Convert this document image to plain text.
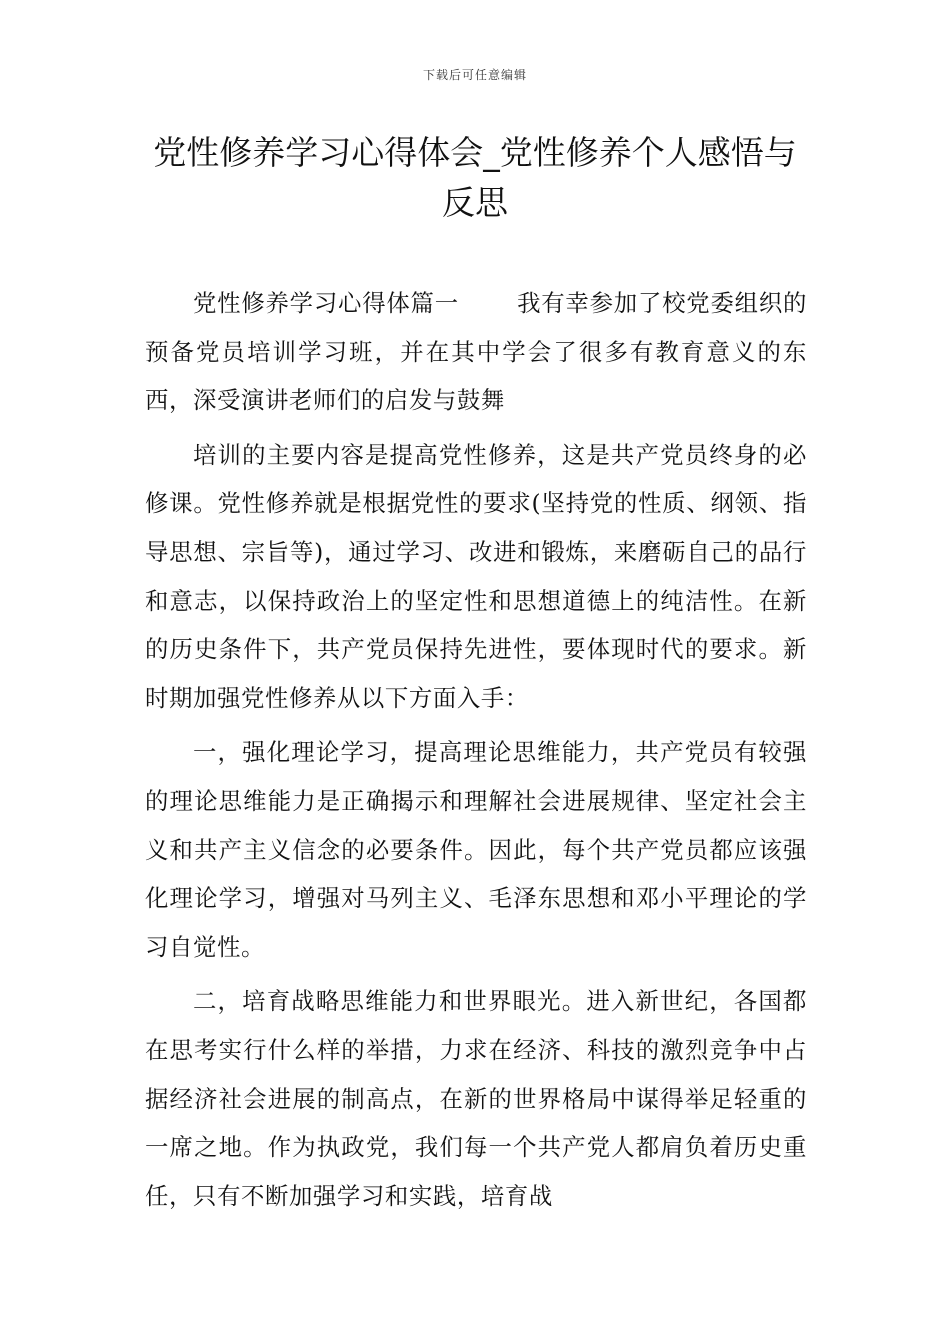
下载后可任意编辑
党性修养学习心得体会_党性修养个人感悟与反思

党性修养学习心得体篇一 我有幸参加了校党委组织的预备党员培训学习班，并在其中学会了很多有教育意义的东西，深受演讲老师们的启发与鼓舞

培训的主要内容是提高党性修养，这是共产党员终身的必修课。党性修养就是根据党性的要求(坚持党的性质、纲领、指导思想、宗旨等)，通过学习、改进和锻炼，来磨砺自己的品行和意志，以保持政治上的坚定性和思想道德上的纯洁性。在新的历史条件下，共产党员保持先进性，要体现时代的要求。新时期加强党性修养从以下方面入手：

一，强化理论学习，提高理论思维能力，共产党员有较强的理论思维能力是正确揭示和理解社会进展规律、坚定社会主义和共产主义信念的必要条件。因此，每个共产党员都应该强化理论学习，增强对马列主义、毛泽东思想和邓小平理论的学习自觉性。

二，培育战略思维能力和世界眼光。进入新世纪，各国都在思考实行什么样的举措，力求在经济、科技的激烈竞争中占据经济社会进展的制高点，在新的世界格局中谋得举足轻重的一席之地。作为执政党，我们每一个共产党人都肩负着历史重任，只有不断加强学习和实践，培育战
